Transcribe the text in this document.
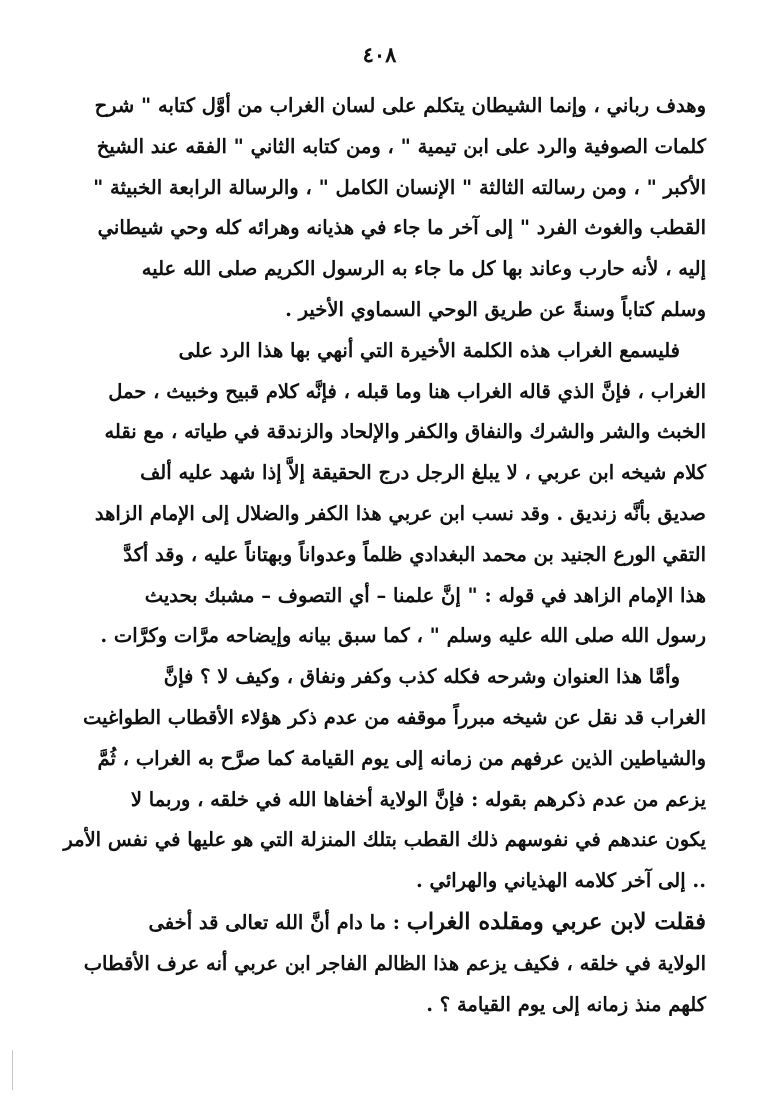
٤٠٨

وهدف رباني ، وإنما الشيطان يتكلم على لسان الغراب من أوَّل كتابه " شرح
كلمات الصوفية والرد على ابن تيمية " ، ومن كتابه الثاني " الفقه عند الشيخ
الأكبر " ، ومن رسالته الثالثة " الإنسان الكامل " ، والرسالة الرابعة الخبيثة "
القطب والغوث الفرد " إلى آخر ما جاء في هذيانه وهرائه كله وحي شيطاني
إليه ، لأنه حارب وعاند بها كل ما جاء به الرسول الكريم صلى الله عليه
وسلم كتاباً وسنةً عن طريق الوحي السماوي الأخير .

فليسمع الغراب هذه الكلمة الأخيرة التي أنهي بها هذا الرد على
الغراب ، فإنَّ الذي قاله الغراب هنا وما قبله ، فإنَّه كلام قبيح وخبيث ، حمل
الخبث والشر والشرك والنفاق والكفر والإلحاد والزندقة في طياته ، مع نقله
كلام شيخه ابن عربي ، لا يبلغ الرجل درج الحقيقة إلاَّ إذا شهد عليه ألف
صديق بأنَّه زنديق . وقد نسب ابن عربي هذا الكفر والضلال إلى الإمام الزاهد
التقي الورع الجنيد بن محمد البغدادي ظلماً وعدواناً وبهتاناً عليه ، وقد أكدَّ
هذا الإمام الزاهد في قوله : " إنَّ علمنا – أي التصوف – مشبك بحديث
رسول الله صلى الله عليه وسلم " ، كما سبق بيانه وإيضاحه مرَّات وكرَّات .

وأمَّا هذا العنوان وشرحه فكله كذب وكفر ونفاق ، وكيف لا ؟ فإنَّ
الغراب قد نقل عن شيخه مبرراً موقفه من عدم ذكر هؤلاء الأقطاب الطواغيت
والشياطين الذين عرفهم من زمانه إلى يوم القيامة كما صرَّح به الغراب ، ثُمَّ
يزعم من عدم ذكرهم بقوله : فإنَّ الولاية أخفاها الله في خلقه ، وربما لا
يكون عندهم في نفوسهم ذلك القطب بتلك المنزلة التي هو عليها في نفس الأمر
.. إلى آخر كلامه الهذياني والهرائي .

فقلت لابن عربي ومقلده الغراب : ما دام أنَّ الله تعالى قد أخفى
الولاية في خلقه ، فكيف يزعم هذا الظالم الفاجر ابن عربي أنه عرف الأقطاب
كلهم منذ زمانه إلى يوم القيامة ؟ .
